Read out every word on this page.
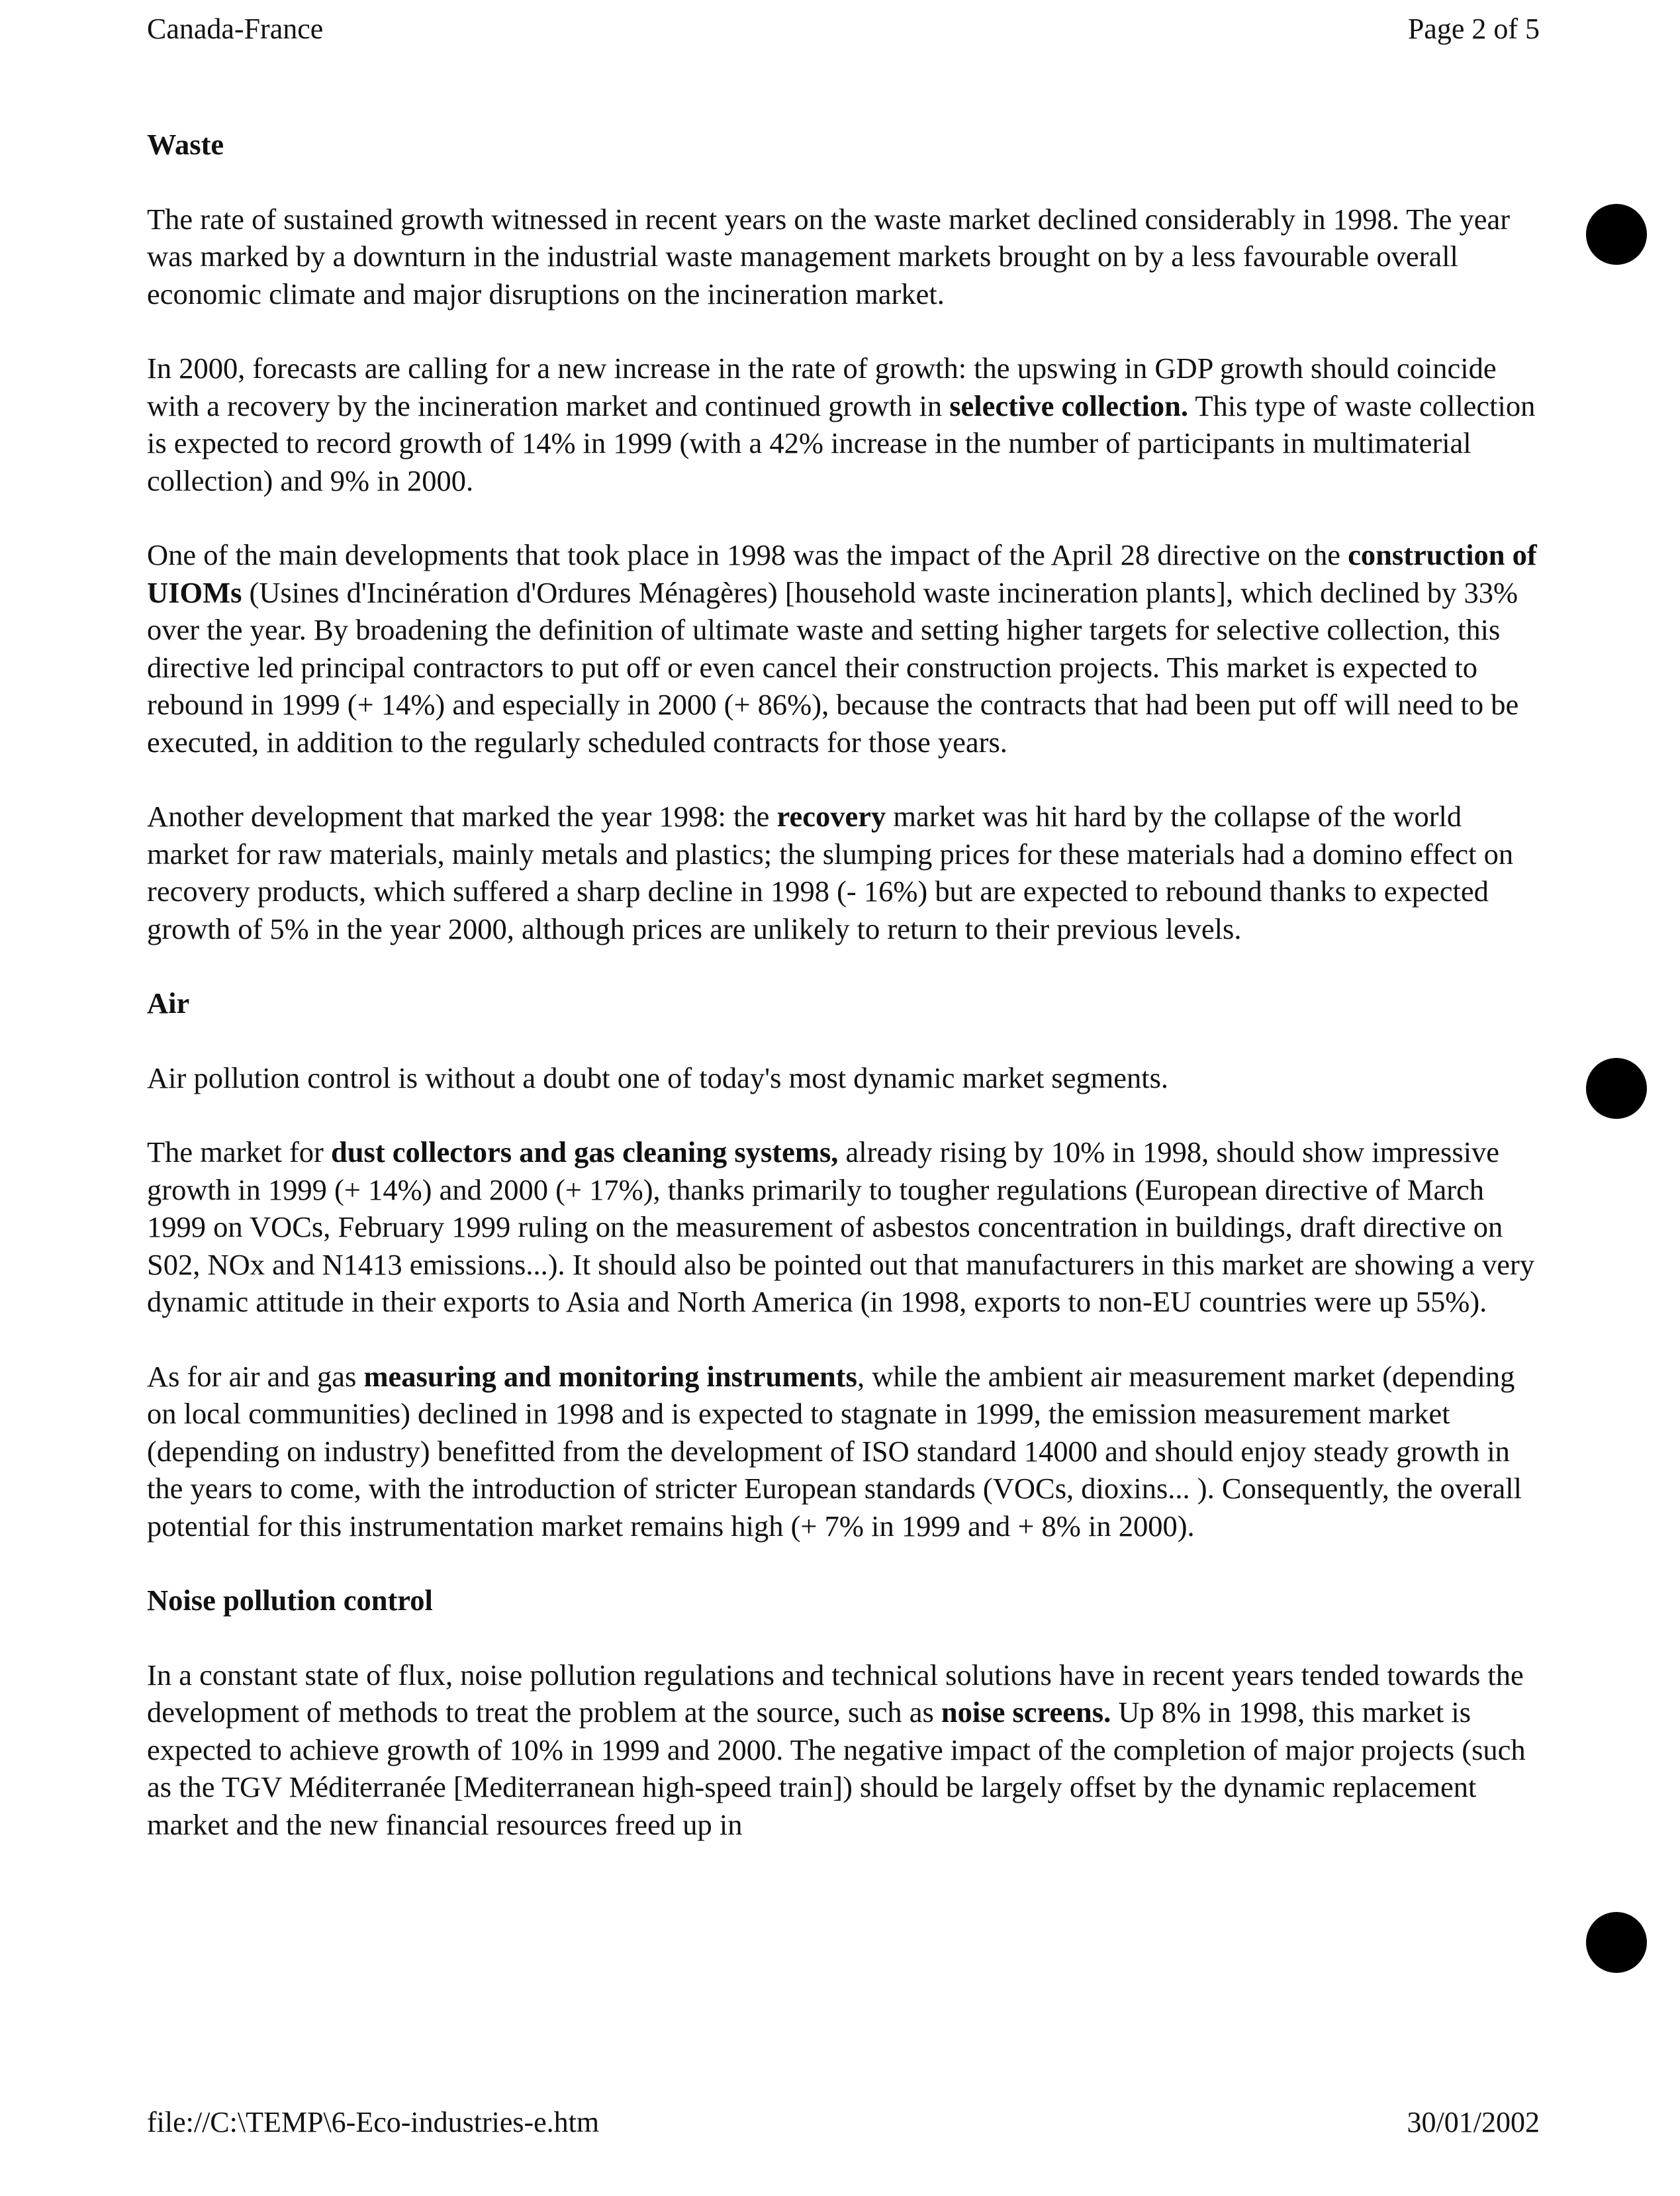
Canada-France	Page 2 of 5
Waste

The rate of sustained growth witnessed in recent years on the waste market declined considerably in 1998. The year was marked by a downturn in the industrial waste management markets brought on by a less favourable overall economic climate and major disruptions on the incineration market.

In 2000, forecasts are calling for a new increase in the rate of growth: the upswing in GDP growth should coincide with a recovery by the incineration market and continued growth in selective collection. This type of waste collection is expected to record growth of 14% in 1999 (with a 42% increase in the number of participants in multimaterial collection) and 9% in 2000.

One of the main developments that took place in 1998 was the impact of the April 28 directive on the construction of UIOMs (Usines d'Incinération d'Ordures Ménagères) [household waste incineration plants], which declined by 33% over the year. By broadening the definition of ultimate waste and setting higher targets for selective collection, this directive led principal contractors to put off or even cancel their construction projects. This market is expected to rebound in 1999 (+ 14%) and especially in 2000 (+ 86%), because the contracts that had been put off will need to be executed, in addition to the regularly scheduled contracts for those years.

Another development that marked the year 1998: the recovery market was hit hard by the collapse of the world market for raw materials, mainly metals and plastics; the slumping prices for these materials had a domino effect on recovery products, which suffered a sharp decline in 1998 (- 16%) but are expected to rebound thanks to expected growth of 5% in the year 2000, although prices are unlikely to return to their previous levels.

Air

Air pollution control is without a doubt one of today's most dynamic market segments.

The market for dust collectors and gas cleaning systems, already rising by 10% in 1998, should show impressive growth in 1999 (+ 14%) and 2000 (+ 17%), thanks primarily to tougher regulations (European directive of March 1999 on VOCs, February 1999 ruling on the measurement of asbestos concentration in buildings, draft directive on S02, NOx and N1413 emissions...). It should also be pointed out that manufacturers in this market are showing a very dynamic attitude in their exports to Asia and North America (in 1998, exports to non-EU countries were up 55%).

As for air and gas measuring and monitoring instruments, while the ambient air measurement market (depending on local communities) declined in 1998 and is expected to stagnate in 1999, the emission measurement market (depending on industry) benefitted from the development of ISO standard 14000 and should enjoy steady growth in the years to come, with the introduction of stricter European standards (VOCs, dioxins... ). Consequently, the overall potential for this instrumentation market remains high (+ 7% in 1999 and + 8% in 2000).

Noise pollution control

In a constant state of flux, noise pollution regulations and technical solutions have in recent years tended towards the development of methods to treat the problem at the source, such as noise screens. Up 8% in 1998, this market is expected to achieve growth of 10% in 1999 and 2000. The negative impact of the completion of major projects (such as the TGV Méditerranée [Mediterranean high-speed train]) should be largely offset by the dynamic replacement market and the new financial resources freed up in

file://C:\TEMP\6-Eco-industries-e.htm	30/01/2002
